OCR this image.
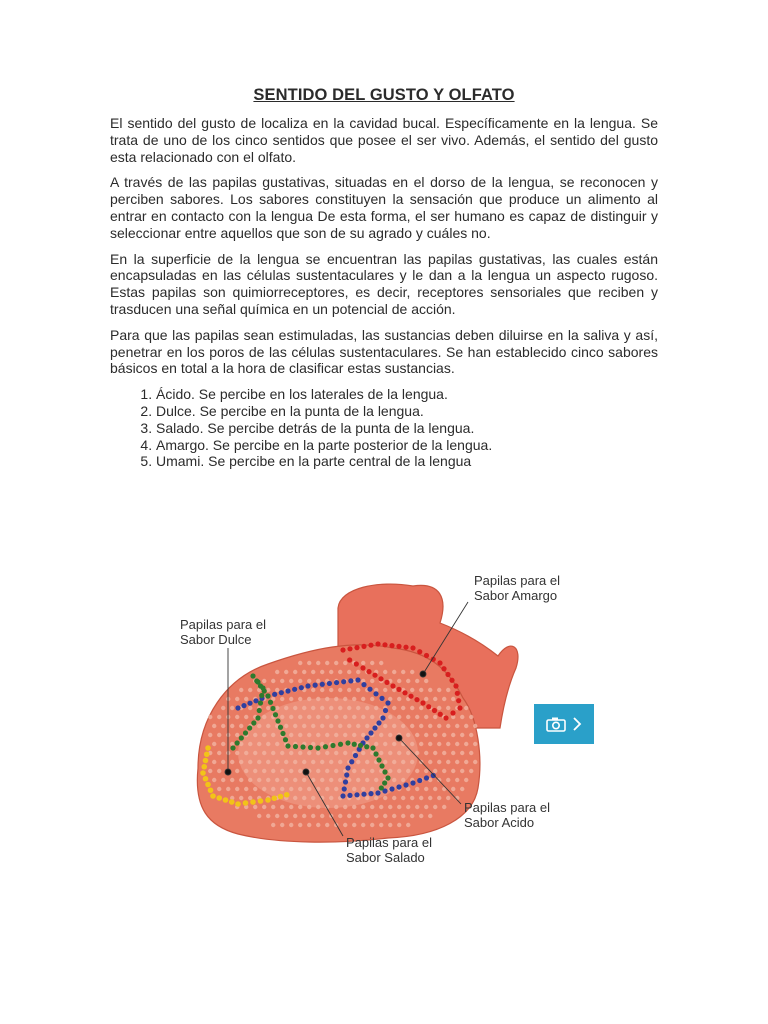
SENTIDO DEL GUSTO Y OLFATO

El sentido del gusto de localiza en la cavidad bucal. Específicamente en la lengua. Se trata de uno de los cinco sentidos que posee el ser vivo. Además, el sentido del gusto esta relacionado con el olfato.

A través de las papilas gustativas, situadas en el dorso de la lengua, se reconocen y perciben sabores. Los sabores constituyen la sensación que produce un alimento al entrar en contacto con la lengua De esta forma, el ser humano es capaz de distinguir y seleccionar entre aquellos que son de su agrado y cuáles no.

En la superficie de la lengua se encuentran las papilas gustativas, las cuales están encapsuladas en las células sustentaculares y le dan a la lengua un aspecto rugoso. Estas papilas son quimiorreceptores, es decir, receptores sensoriales que reciben y trasducen una señal química en un potencial de acción.

Para que las papilas sean estimuladas, las sustancias deben diluirse en la saliva y así, penetrar en los poros de las células sustentaculares. Se han establecido cinco sabores básicos en total a la hora de clasificar estas sustancias.

1. Ácido. Se percibe en los laterales de la lengua.
2. Dulce. Se percibe en la punta de la lengua.
3. Salado. Se percibe detrás de la punta de la lengua.
4. Amargo. Se percibe en la parte posterior de la lengua.
5. Umami. Se percibe en la parte central de la lengua
Papilas para el
Sabor Amargo
Papilas para el
Sabor Dulce
Papilas para el
Sabor Acido
Papilas para el
Sabor Salado
